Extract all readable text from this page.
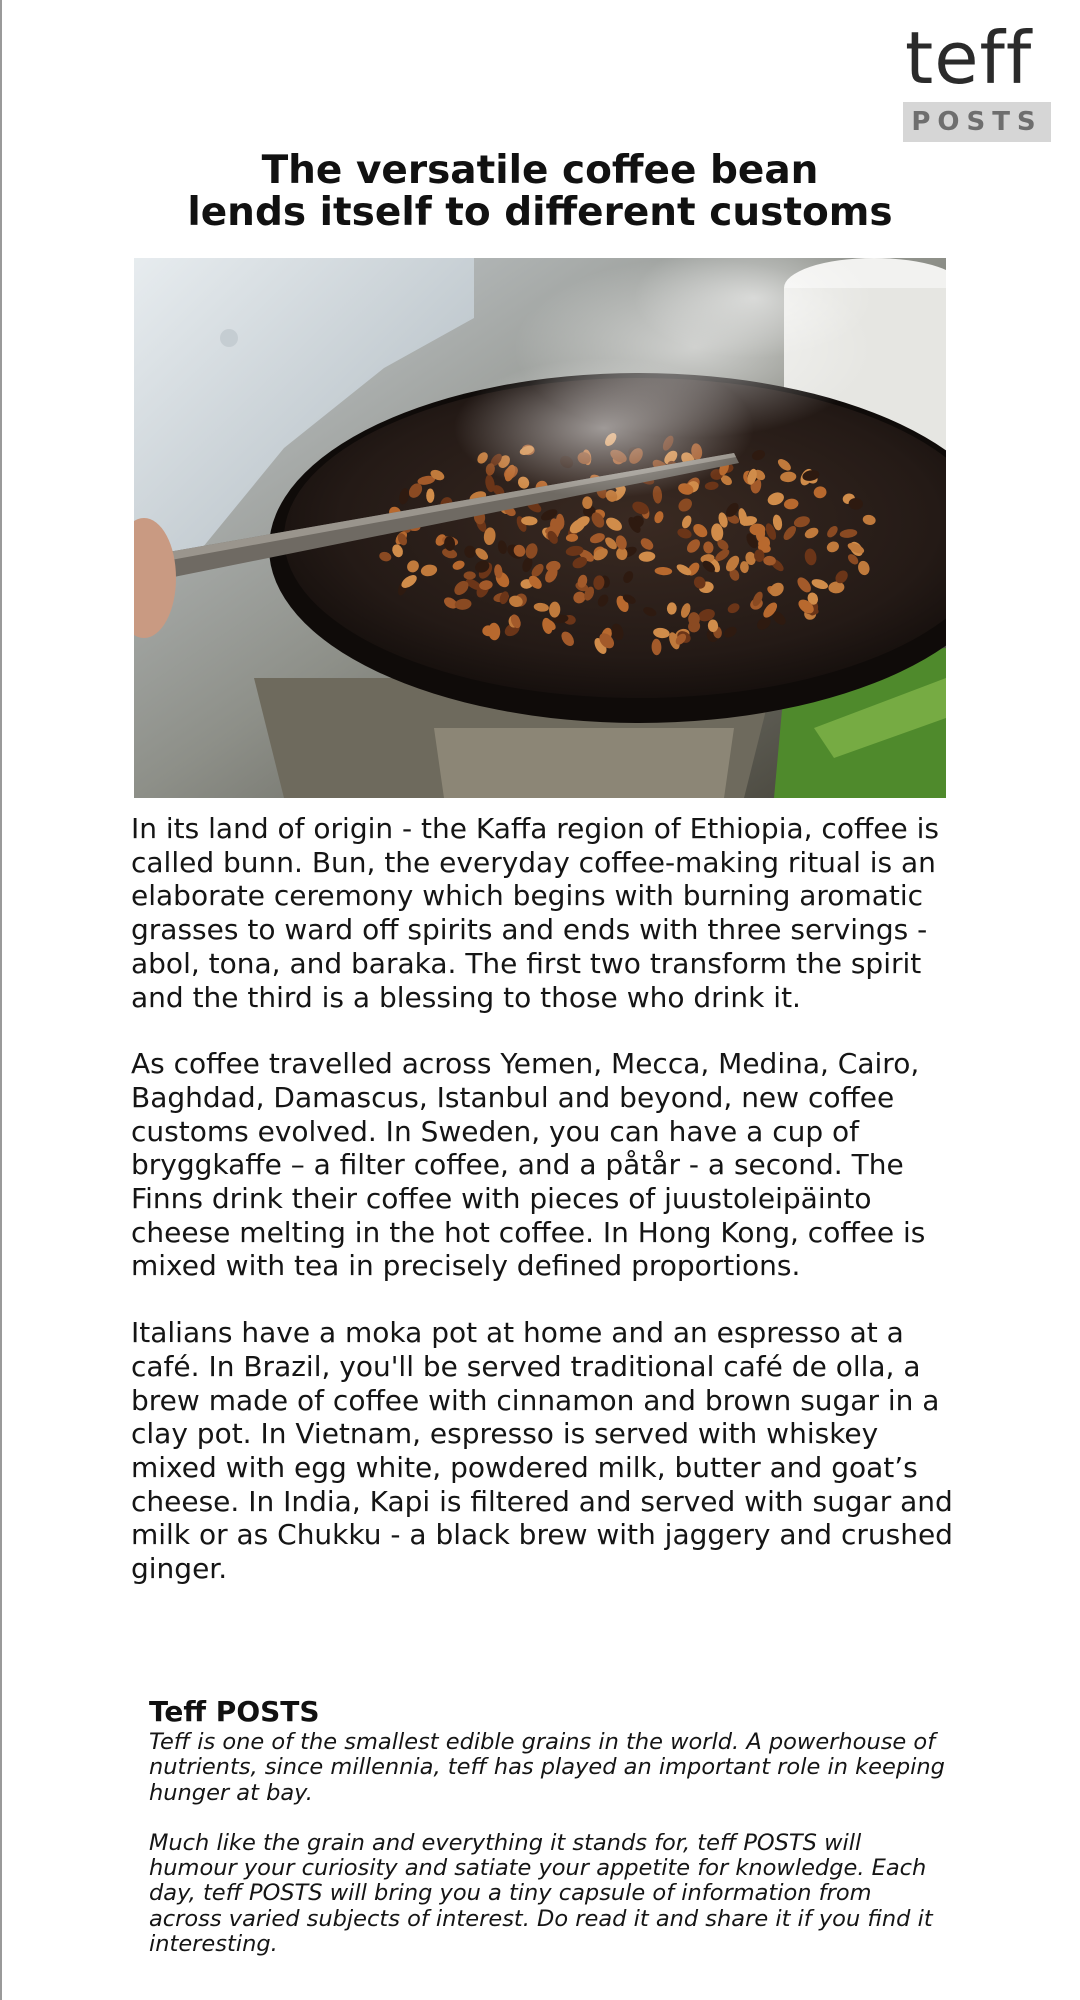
teff
POSTS
The versatile coffee bean
lends itself to different customs

In its land of origin - the Kaffa region of Ethiopia, coffee is called bunn. Bun, the everyday coffee-making ritual is an elaborate ceremony which begins with burning aromatic grasses to ward off spirits and ends with three servings - abol, tona, and baraka. The first two transform the spirit and the third is a blessing to those who drink it.

As coffee travelled across Yemen, Mecca, Medina, Cairo, Baghdad, Damascus, Istanbul and beyond, new coffee customs evolved. In Sweden, you can have a cup of bryggkaffe – a filter coffee, and a påtår - a second. The Finns drink their coffee with pieces of juustoleipäinto cheese melting in the hot coffee. In Hong Kong, coffee is mixed with tea in precisely defined proportions.

Italians have a moka pot at home and an espresso at a café. In Brazil, you'll be served traditional café de olla, a brew made of coffee with cinnamon and brown sugar in a clay pot. In Vietnam, espresso is served with whiskey mixed with egg white, powdered milk, butter and goat’s cheese. In India, Kapi is filtered and served with sugar and milk or as Chukku - a black brew with jaggery and crushed ginger.

Teff POSTS

Teff is one of the smallest edible grains in the world. A powerhouse of nutrients, since millennia, teff has played an important role in keeping hunger at bay.

Much like the grain and everything it stands for, teff POSTS will humour your curiosity and satiate your appetite for knowledge. Each day, teff POSTS will bring you a tiny capsule of information from across varied subjects of interest. Do read it and share it if you find it interesting.
